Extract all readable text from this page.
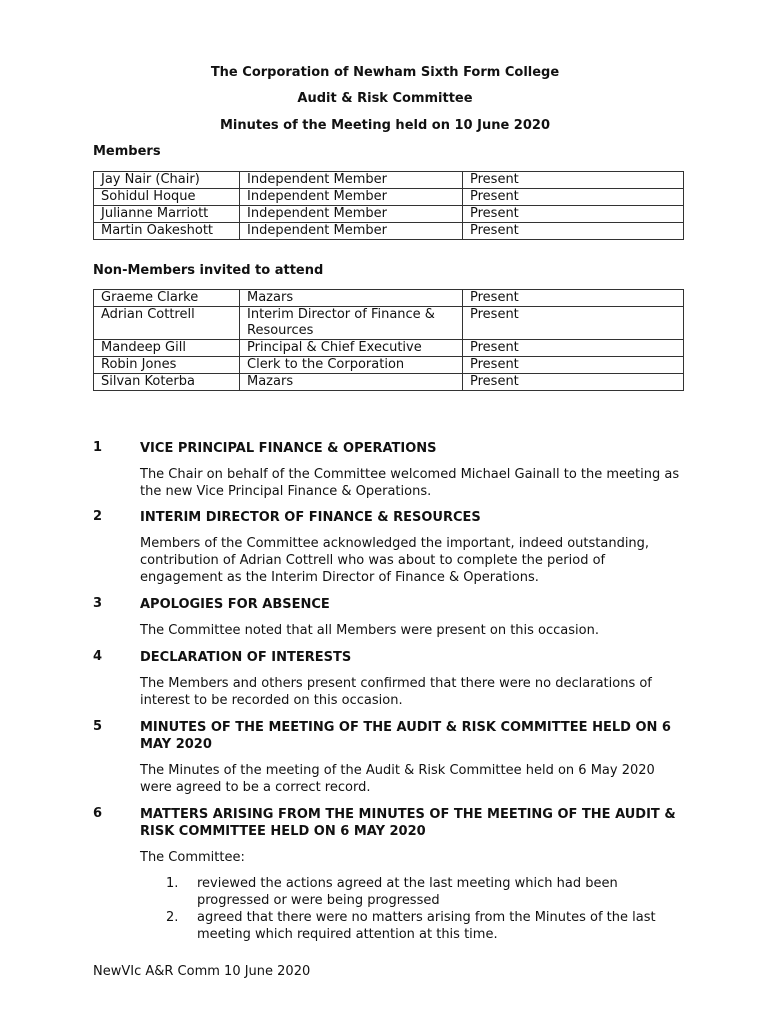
The Corporation of Newham Sixth Form College
Audit & Risk Committee
Minutes of the Meeting held on 10 June 2020
Members
Jay Nair (Chair)	Independent Member	Present
Sohidul Hoque	Independent Member	Present
Julianne Marriott	Independent Member	Present
Martin Oakeshott	Independent Member	Present
Non-Members invited to attend
Graeme Clarke	Mazars	Present
Adrian Cottrell	Interim Director of Finance & Resources	Present
Mandeep Gill	Principal & Chief Executive	Present
Robin Jones	Clerk to the Corporation	Present
Silvan Koterba	Mazars	Present
1	VICE PRINCIPAL FINANCE & OPERATIONS
The Chair on behalf of the Committee welcomed Michael Gainall to the meeting as the new Vice Principal Finance & Operations.
2	INTERIM DIRECTOR OF FINANCE & RESOURCES
Members of the Committee acknowledged the important, indeed outstanding, contribution of Adrian Cottrell who was about to complete the period of engagement as the Interim Director of Finance & Operations.
3	APOLOGIES FOR ABSENCE
The Committee noted that all Members were present on this occasion.
4	DECLARATION OF INTERESTS
The Members and others present confirmed that there were no declarations of interest to be recorded on this occasion.
5	MINUTES OF THE MEETING OF THE AUDIT & RISK COMMITTEE HELD ON 6 MAY 2020
The Minutes of the meeting of the Audit & Risk Committee held on 6 May 2020 were agreed to be a correct record.
6	MATTERS ARISING FROM THE MINUTES OF THE MEETING OF THE AUDIT & RISK COMMITTEE HELD ON 6 MAY 2020
The Committee:
1. reviewed the actions agreed at the last meeting which had been progressed or were being progressed
2. agreed that there were no matters arising from the Minutes of the last meeting which required attention at this time.
NewVIc A&R Comm 10 June 2020
